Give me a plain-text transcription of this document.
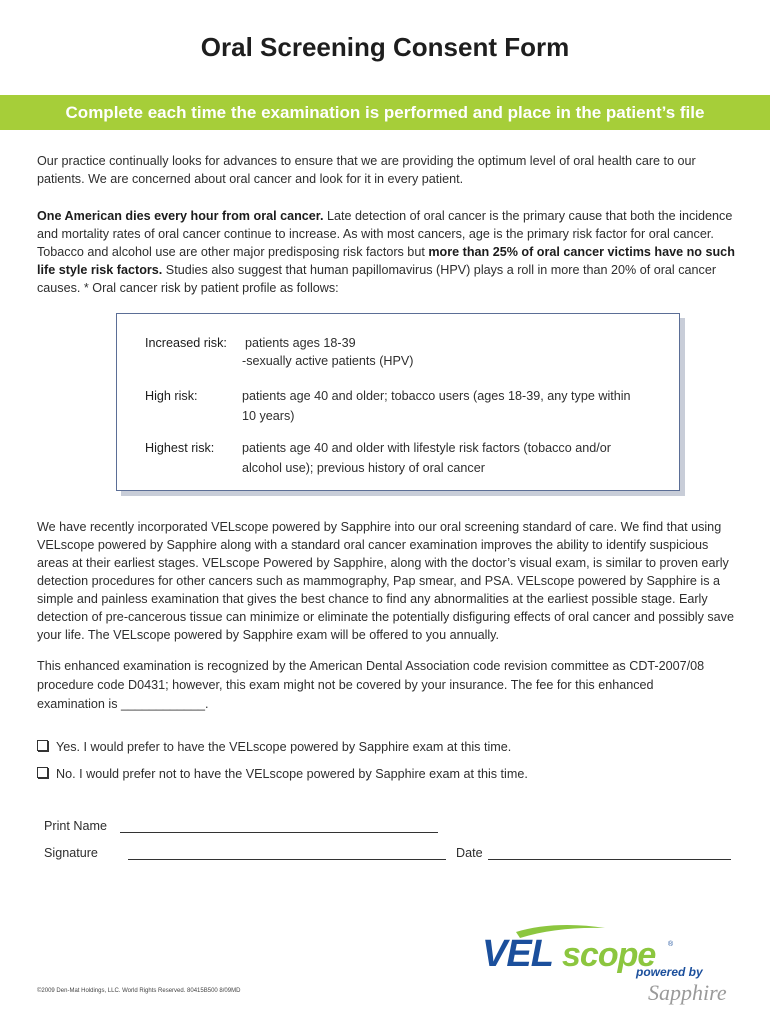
Oral Screening Consent Form
Complete each time the examination is performed and place in the patient’s file

Our practice continually looks for advances to ensure that we are providing the optimum level of oral health care to our patients. We are concerned about oral cancer and look for it in every patient.

One American dies every hour from oral cancer. Late detection of oral cancer is the primary cause that both the incidence and mortality rates of oral cancer continue to increase. As with most cancers, age is the primary risk factor for oral cancer. Tobacco and alcohol use are other major predisposing risk factors but more than 25% of oral cancer victims have no such life style risk factors. Studies also suggest that human papillomavirus (HPV) plays a roll in more than 20% of oral cancer causes. * Oral cancer risk by patient profile as follows:

Increased risk: patients ages 18-39
-sexually active patients (HPV)
High risk:	patients age 40 and older; tobacco users (ages 18-39, any type within 10 years)
Highest risk: patients age 40 and older with lifestyle risk factors (tobacco and/or
alcohol use); previous history of oral cancer

We have recently incorporated VELscope powered by Sapphire into our oral screening standard of care. We find that using VELscope powered by Sapphire along with a standard oral cancer examination improves the ability to identify suspicious areas at their earliest stages. VELscope Powered by Sapphire, along with the doctor’s visual exam, is similar to proven early detection procedures for other cancers such as mammography, Pap smear, and PSA. VELscope powered by Sapphire is a simple and painless examination that gives the best chance to find any abnormalities at the earliest possible stage. Early detection of pre-cancerous tissue can minimize or eliminate the potentially disfiguring effects of oral cancer and possibly save your life. The VELscope powered by Sapphire exam will be offered to you annually.

This enhanced examination is recognized by the American Dental Association code revision committee as CDT-2007/08 procedure code D0431; however, this exam might not be covered by your insurance. The fee for this enhanced examination is ____________.

Yes. I would prefer to have the VELscope powered by Sapphire exam at this time.
No. I would prefer not to have the VELscope powered by Sapphire exam at this time.
Print Name
Signature	Date
©2009 Den-Mat Holdings, LLC. World Rights Reserved. 80415B500 8/09MD
VEL scope ®
powered by
Sapphire
